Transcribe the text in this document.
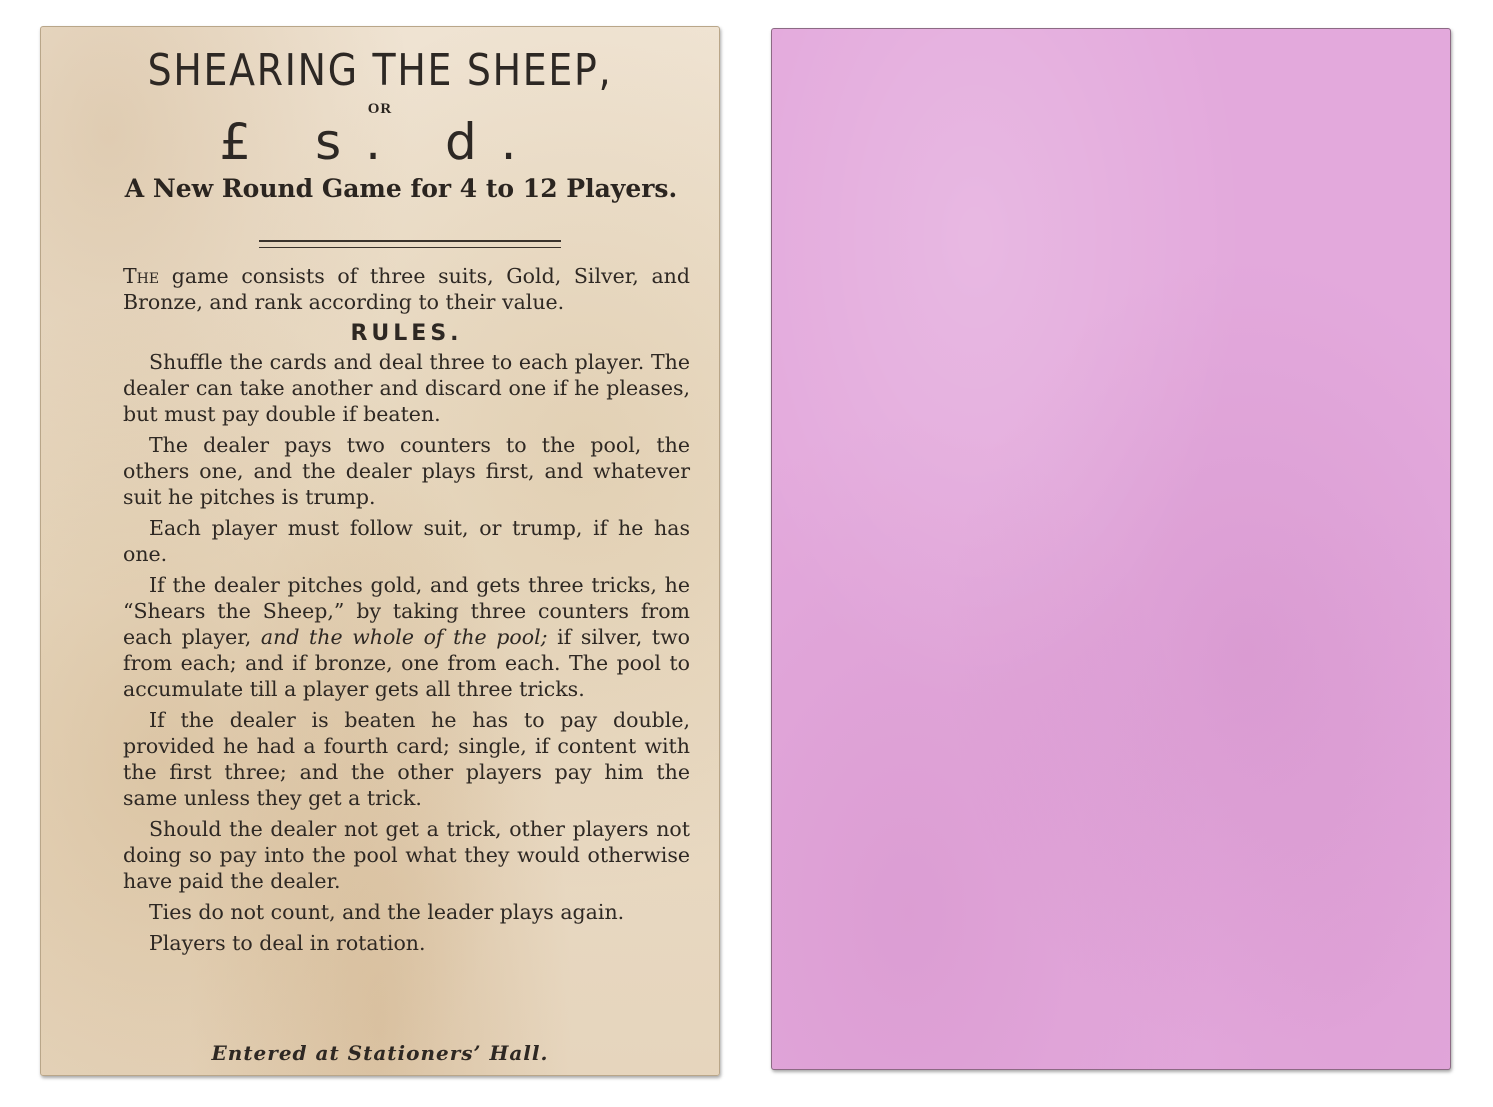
SHEARING THE SHEEP,
OR
£ s. d.
A New Round Game for 4 to 12 Players.

The game consists of three suits, Gold, Silver, and Bronze, and rank according to their value.

RULES.

Shuffle the cards and deal three to each player. The dealer can take another and discard one if he pleases, but must pay double if beaten.

The dealer pays two counters to the pool, the others one, and the dealer plays first, and whatever suit he pitches is trump.

Each player must follow suit, or trump, if he has one.

If the dealer pitches gold, and gets three tricks, he “Shears the Sheep,” by taking three counters from each player, and the whole of the pool; if silver, two from each; and if bronze, one from each. The pool to accumulate till a player gets all three tricks.

If the dealer is beaten he has to pay double, provided he had a fourth card; single, if content with the first three; and the other players pay him the same unless they get a trick.

Should the dealer not get a trick, other players not doing so pay into the pool what they would otherwise have paid the dealer.

Ties do not count, and the leader plays again.

Players to deal in rotation.

Entered at Stationers’ Hall.
